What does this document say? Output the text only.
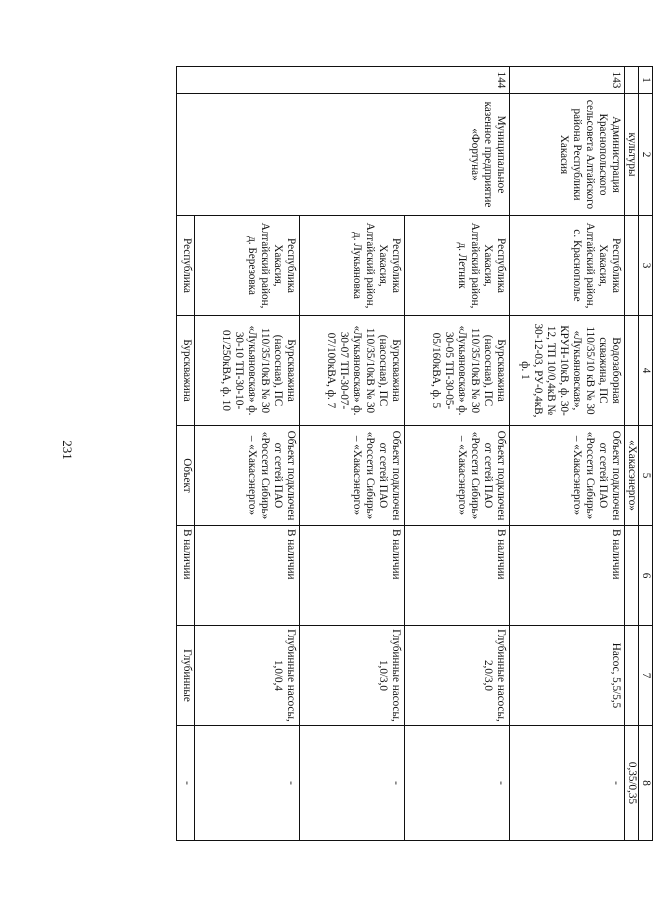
231
1	2	3	4	5	6	7	8
	культуры			«Хакасэнерго»			0,35/0,35
143	Администрация Краснопольского сельсовета Алтайского района Республики Хакасия	Республика Хакасия, Алтайский район, с. Краснополье	Водозаборная скважина, ПС 110/35/10 кВ № 30 «Лукьяновская», КРУН-10кВ, ф. 30-12, ТП 10/0,4кВ № 30-12-03, РУ-0,4кВ, ф. 1	Объект подключен от сетей ПАО «Россети Сибирь» – «Хакасэнерго»	В наличии	Насос, 5,5/5,5	-
144	Муниципальное казенное предприятие «Фортуна»	Республика Хакасия, Алтайский район, д. Летник	Бурскважина (насосная), ПС 110/35/10кВ № 30 «Лукьяновская» ф. 30-05 ТП-30-05-05/160кВА, ф. 5	Объект подключен от сетей ПАО «Россети Сибирь» – «Хакасэнерго»	В наличии	Глубинные насосы, 2,0/3,0	-
		Республика Хакасия, Алтайский район, д. Лукьяновка	Бурскважина (насосная), ПС 110/35/10кВ № 30 «Лукьяновская» ф. 30-07 ТП-30-07-07/100кВА, ф. 7	Объект подключен от сетей ПАО «Россети Сибирь» – «Хакасэнерго»	В наличии	Глубинные насосы, 1,0/3,0	-
		Республика Хакасия, Алтайский район, д. Березовка	Бурскважина (насосная), ПС 110/35/10кВ № 30 «Лукьяновская» ф. 30-10 ТП-30-10-01/250кВА, ф. 10	Объект подключен от сетей ПАО «Россети Сибирь» – «Хакасэнерго»	В наличии	Глубинные насосы, 1,0/0,4	-
		Республика	Бурскважина	Объект	В наличии	Глубинные	-
